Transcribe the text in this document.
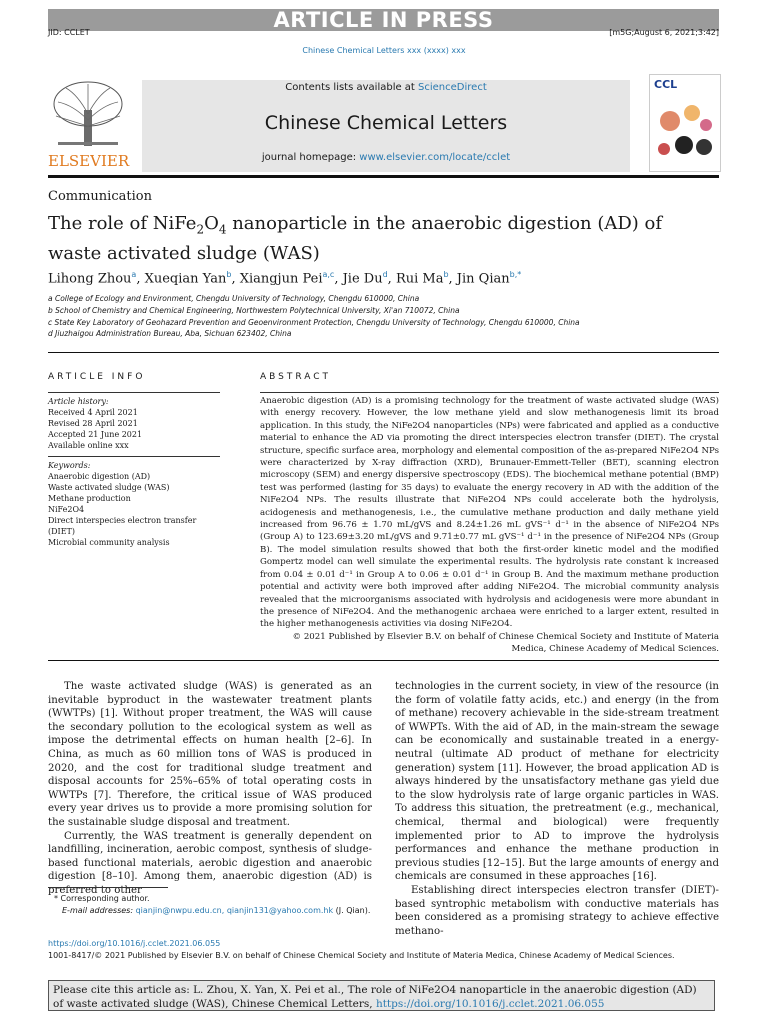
ARTICLE IN PRESS
JID: CCLET	[m5G;August 6, 2021;3:42]
Chinese Chemical Letters xxx (xxxx) xxx
ELSEVIER
Contents lists available at ScienceDirect
Chinese Chemical Letters
journal homepage: www.elsevier.com/locate/cclet
CCL
Communication
The role of $NiFe_2O_4$ nanoparticle in the anaerobic digestion (AD) of waste activated sludge (WAS)
Lihong Zhou$^a$, Xueqian Yan$^b$, Xiangjun Pei$^{a,c}$, Jie Du$^d$, Rui Ma$^b$, Jin Qian$^{b,*}$
a College of Ecology and Environment, Chengdu University of Technology, Chengdu 610000, China
b School of Chemistry and Chemical Engineering, Northwestern Polytechnical University, Xi'an 710072, China
c State Key Laboratory of Geohazard Prevention and Geoenvironment Protection, Chengdu University of Technology, Chengdu 610000, China
d Jiuzhaigou Administration Bureau, Aba, Sichuan 623402, China
ARTICLE INFO
Article history:
Received 4 April 2021
Revised 28 April 2021
Accepted 21 June 2021
Available online xxx
Keywords:
Anaerobic digestion (AD)
Waste activated sludge (WAS)
Methane production
NiFe2O4
Direct interspecies electron transfer (DIET)
Microbial community analysis
ABSTRACT
Anaerobic digestion (AD) is a promising technology for the treatment of waste activated sludge (WAS) with energy recovery. However, the low methane yield and slow methanogenesis limit its broad application. In this study, the NiFe2O4 nanoparticles (NPs) were fabricated and applied as a conductive material to enhance the AD via promoting the direct interspecies electron transfer (DIET). The crystal structure, specific surface area, morphology and elemental composition of the as-prepared NiFe2O4 NPs were characterized by X-ray diffraction (XRD), Brunauer-Emmett-Teller (BET), scanning electron microscopy (SEM) and energy dispersive spectroscopy (EDS). The biochemical methane potential (BMP) test was performed (lasting for 35 days) to evaluate the energy recovery in AD with the addition of the NiFe2O4 NPs. The results illustrate that NiFe2O4 NPs could accelerate both the hydrolysis, acidogenesis and methanogenesis, i.e., the cumulative methane production and daily methane yield increased from 96.76 ± 1.70 mL/gVS and 8.24±1.26 mL gVS⁻¹ d⁻¹ in the absence of NiFe2O4 NPs (Group A) to 123.69±3.20 mL/gVS and 9.71±0.77 mL gVS⁻¹ d⁻¹ in the presence of NiFe2O4 NPs (Group B). The model simulation results showed that both the first-order kinetic model and the modified Gompertz model can well simulate the experimental results. The hydrolysis rate constant k increased from 0.04 ± 0.01 d⁻¹ in Group A to 0.06 ± 0.01 d⁻¹ in Group B. And the maximum methane production potential and activity were both improved after adding NiFe2O4. The microbial community analysis revealed that the microorganisms associated with hydrolysis and acidogenesis were more abundant in the presence of NiFe2O4. And the methanogenic archaea were enriched to a larger extent, resulted in the higher methanogenesis activities via dosing NiFe2O4.
© 2021 Published by Elsevier B.V. on behalf of Chinese Chemical Society and Institute of Materia
Medica, Chinese Academy of Medical Sciences.
The waste activated sludge (WAS) is generated as an inevitable byproduct in the wastewater treatment plants (WWTPs) [1]. Without proper treatment, the WAS will cause the secondary pollution to the ecological system as well as impose the detrimental effects on human health [2–6]. In China, as much as 60 million tons of WAS is produced in 2020, and the cost for traditional sludge treatment and disposal accounts for 25%–65% of total operating costs in WWTPs [7]. Therefore, the critical issue of WAS produced every year drives us to provide a more promising solution for the sustainable sludge disposal and treatment.
Currently, the WAS treatment is generally dependent on landfilling, incineration, aerobic compost, synthesis of sludge-based functional materials, aerobic digestion and anaerobic digestion [8–10]. Among them, anaerobic digestion (AD) is preferred to other
technologies in the current society, in view of the resource (in the form of volatile fatty acids, etc.) and energy (in the from of methane) recovery achievable in the side-stream treatment of WWPTs. With the aid of AD, in the main-stream the sewage can be economically and sustainable treated in a energy-neutral (ultimate AD product of methane for electricity generation) system [11]. However, the broad application AD is always hindered by the unsatisfactory methane gas yield due to the slow hydrolysis rate of large organic particles in WAS. To address this situation, the pretreatment (e.g., mechanical, chemical, thermal and biological) were frequently implemented prior to AD to improve the hydrolysis performances and enhance the methane production in previous studies [12–15]. But the large amounts of energy and chemicals are consumed in these approaches [16].
Establishing direct interspecies electron transfer (DIET)-based syntrophic metabolism with conductive materials has been considered as a promising strategy to achieve effective methano-
* Corresponding author.
E-mail addresses: qianjin@nwpu.edu.cn, qianjin131@yahoo.com.hk (J. Qian).
https://doi.org/10.1016/j.cclet.2021.06.055
1001-8417/© 2021 Published by Elsevier B.V. on behalf of Chinese Chemical Society and Institute of Materia Medica, Chinese Academy of Medical Sciences.
Please cite this article as: L. Zhou, X. Yan, X. Pei et al., The role of NiFe2O4 nanoparticle in the anaerobic digestion (AD) of waste activated sludge (WAS), Chinese Chemical Letters, https://doi.org/10.1016/j.cclet.2021.06.055
